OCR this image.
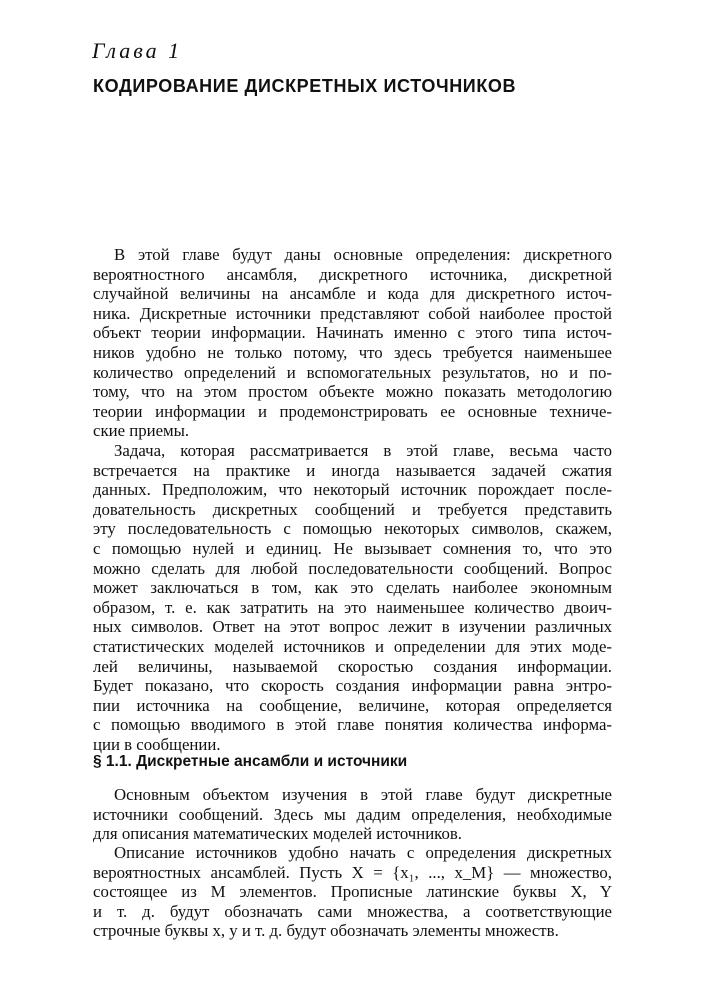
Глава 1
КОДИРОВАНИЕ ДИСКРЕТНЫХ ИСТОЧНИКОВ
В этой главе будут даны основные определения: дискретного
вероятностного ансамбля, дискретного источника, дискретной
случайной величины на ансамбле и кода для дискретного источ-
ника. Дискретные источники представляют собой наиболее простой
объект теории информации. Начинать именно с этого типа источ-
ников удобно не только потому, что здесь требуется наименьшее
количество определений и вспомогательных результатов, но и по-
тому, что на этом простом объекте можно показать методологию
теории информации и продемонстрировать ее основные техниче-
ские приемы.
Задача, которая рассматривается в этой главе, весьма часто
встречается на практике и иногда называется задачей сжатия
данных. Предположим, что некоторый источник порождает после-
довательность дискретных сообщений и требуется представить
эту последовательность с помощью некоторых символов, скажем,
с помощью нулей и единиц. Не вызывает сомнения то, что это
можно сделать для любой последовательности сообщений. Вопрос
может заключаться в том, как это сделать наиболее экономным
образом, т. е. как затратить на это наименьшее количество двоич-
ных символов. Ответ на этот вопрос лежит в изучении различных
статистических моделей источников и определении для этих моде-
лей величины, называемой скоростью создания информации.
Будет показано, что скорость создания информации равна энтро-
пии источника на сообщение, величине, которая определяется
с помощью вводимого в этой главе понятия количества информа-
ции в сообщении.
§ 1.1. Дискретные ансамбли и источники
Основным объектом изучения в этой главе будут дискретные
источники сообщений. Здесь мы дадим определения, необходимые
для описания математических моделей источников.
Описание источников удобно начать с определения дискретных
вероятностных ансамблей. Пусть X = {x₁, ..., x_M} — множество,
состоящее из M элементов. Прописные латинские буквы X, Y
и т. д. будут обозначать сами множества, а соответствующие
строчные буквы x, y и т. д. будут обозначать элементы множеств.
